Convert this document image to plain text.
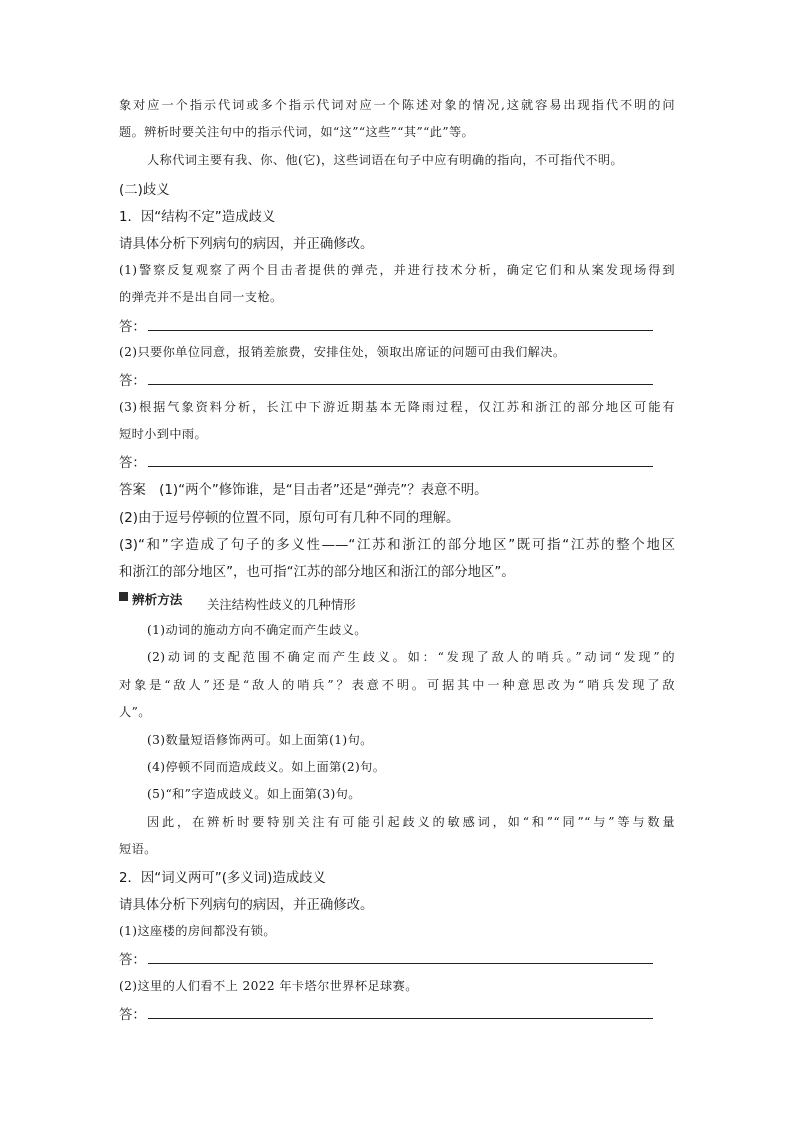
象对应一个指示代词或多个指示代词对应一个陈述对象的情况,这就容易出现指代不明的问
题。辨析时要关注句中的指示代词，如“这”“这些”“其”“此”等。
人称代词主要有我、你、他(它)，这些词语在句子中应有明确的指向，不可指代不明。
(二)歧义
1．因“结构不定”造成歧义
请具体分析下列病句的病因，并正确修改。
(1)警察反复观察了两个目击者提供的弹壳，并进行技术分析，确定它们和从案发现场得到
的弹壳并不是出自同一支枪。
答：
(2)只要你单位同意，报销差旅费，安排住处，领取出席证的问题可由我们解决。
答：
(3)根据气象资料分析，长江中下游近期基本无降雨过程，仅江苏和浙江的部分地区可能有
短时小到中雨。
答：
答案　(1)“两个”修饰谁，是“目击者”还是“弹壳”？表意不明。
(2)由于逗号停顿的位置不同，原句可有几种不同的理解。
(3)“和”字造成了句子的多义性——“江苏和浙江的部分地区”既可指“江苏的整个地区
和浙江的部分地区”，也可指“江苏的部分地区和浙江的部分地区”。
辨析方法 关注结构性歧义的几种情形
(1)动词的施动方向不确定而产生歧义。
(2)动词的支配范围不确定而产生歧义。如：“发现了敌人的哨兵。”动词“发现”的
对象是“敌人”还是“敌人的哨兵”？表意不明。可据其中一种意思改为“哨兵发现了敌
人”。
(3)数量短语修饰两可。如上面第(1)句。
(4)停顿不同而造成歧义。如上面第(2)句。
(5)“和”字造成歧义。如上面第(3)句。
因此，在辨析时要特别关注有可能引起歧义的敏感词，如“和”“同”“与”等与数量
短语。
2．因“词义两可”(多义词)造成歧义
请具体分析下列病句的病因，并正确修改。
(1)这座楼的房间都没有锁。
答：
(2)这里的人们看不上 2022 年卡塔尔世界杯足球赛。
答：
